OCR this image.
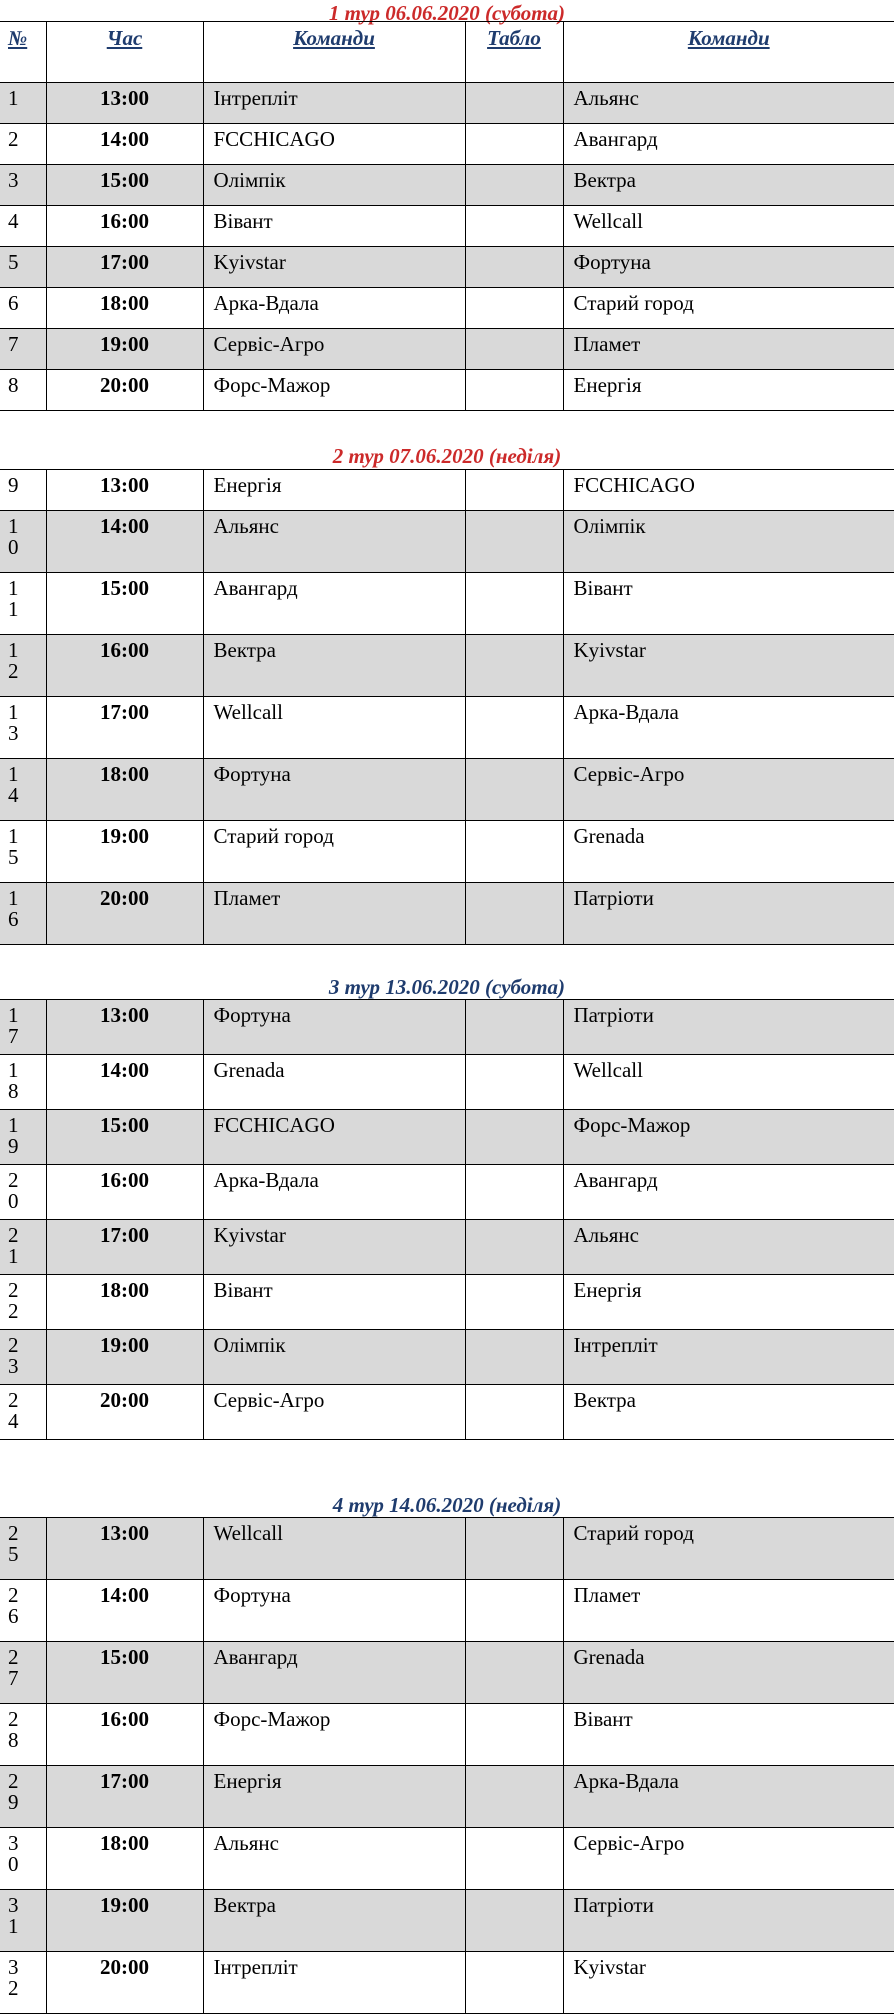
1 тур 06.06.2020 (субота)
№	Час	Команди	Табло	Команди
1	13:00	Інтрепліт		Альянс
2	14:00	FCCHICAGO		Авангард
3	15:00	Олімпік		Вектра
4	16:00	Вівант		Wellcall
5	17:00	Kyivstar		Фортуна
6	18:00	Арка-Вдала		Старий город
7	19:00	Сервіс-Агро		Пламет
8	20:00	Форс-Мажор		Енергія
2 тур 07.06.2020 (неділя)
9	13:00	Енергія		FCCHICAGO

10	14:00	Альянс		Олімпік

11	15:00	Авангард		Вівант

12	16:00	Вектра		Kyivstar

13	17:00	Wellcall		Арка-Вдала

14	18:00	Фортуна		Сервіс-Агро

15	19:00	Старий город		Grenada

16	20:00	Пламет		Патріоти
3 тур 13.06.2020 (субота)
17	13:00	Фортуна		Патріоти

18	14:00	Grenada		Wellcall

19	15:00	FCCHICAGO		Форс-Мажор

20	16:00	Арка-Вдала		Авангард

21	17:00	Kyivstar		Альянс

22	18:00	Вівант		Енергія

23	19:00	Олімпік		Інтрепліт

24	20:00	Сервіс-Агро		Вектра
4 тур 14.06.2020 (неділя)
25	13:00	Wellcall		Старий город

26	14:00	Фортуна		Пламет

27	15:00	Авангард		Grenada

28	16:00	Форс-Мажор		Вівант

29	17:00	Енергія		Арка-Вдала

30	18:00	Альянс		Сервіс-Агро

31	19:00	Вектра		Патріоти

32	20:00	Інтрепліт		Kyivstar
